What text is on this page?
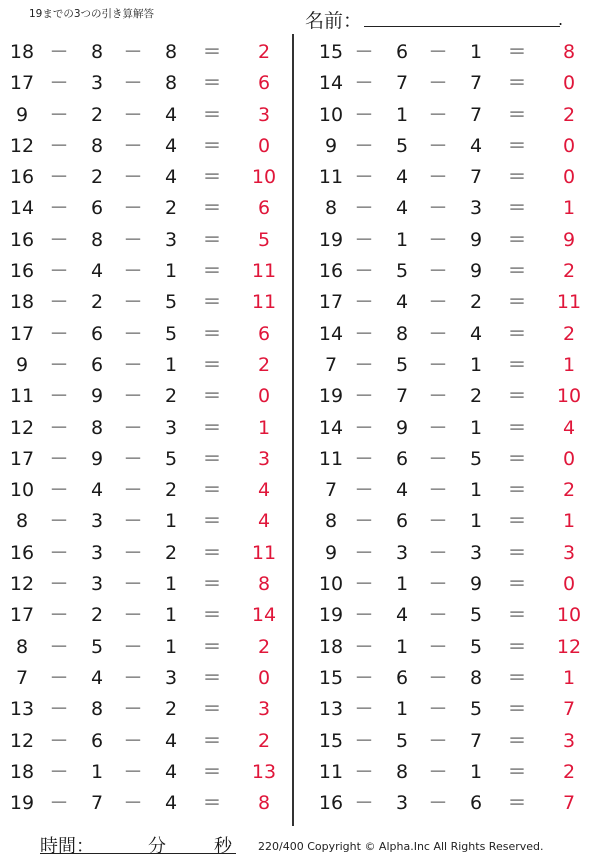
19までの3つの引き算解答	名前：	.
18 －	8	－	8	＝	2
17 －	3	－	8	＝	6
9	－	2	－	4	＝	3
12 －	8	－	4	＝	0
16 －	2	－	4	＝	10
14 －	6	－	2	＝	6
16 －	8	－	3	＝	5
16 －	4	－	1	＝	11
18 －	2	－	5	＝	11
17 －	6	－	5	＝	6
9	－	6	－	1	＝	2
11 －	9	－	2	＝	0
12 －	8	－	3	＝	1
17 －	9	－	5	＝	3
10 －	4	－	2	＝	4
8	－	3	－	1	＝	4
16 －	3	－	2	＝	11
12 －	3	－	1	＝	8
17 －	2	－	1	＝	14
8	－	5	－	1	＝	2
7	－	4	－	3	＝	0
13 －	8	－	2	＝	3
12 －	6	－	4	＝	2
18 －	1	－	4	＝	13
19 －	7	－	4	＝	8
15 －	6	－	1	＝	8
14 －	7	－	7	＝	0
10 －	1	－	7	＝	2
9 －	5	－	4	＝	0
11 －	4	－	7	＝	0
8 －	4	－	3	＝	1
19 －	1	－	9	＝	9
16 －	5	－	9	＝	2
17 －	4	－	2	＝	11
14 －	8	－	4	＝	2
7 －	5	－	1	＝	1
19 －	7	－	2	＝	10
14 －	9	－	1	＝	4
11 －	6	－	5	＝	0
7 －	4	－	1	＝	2
8 －	6	－	1	＝	1
9 －	3	－	3	＝	3
10 －	1	－	9	＝	0
19 －	4	－	5	＝	10
18 －	1	－	5	＝	12
15 －	6	－	8	＝	1
13 －	1	－	5	＝	7
15 －	5	－	7	＝	3
11 －	8	－	1	＝	2
16 －	3	－	6	＝	7
時間：	分	秒 220/400 Copyright © Alpha.Inc All Rights Reserved.
